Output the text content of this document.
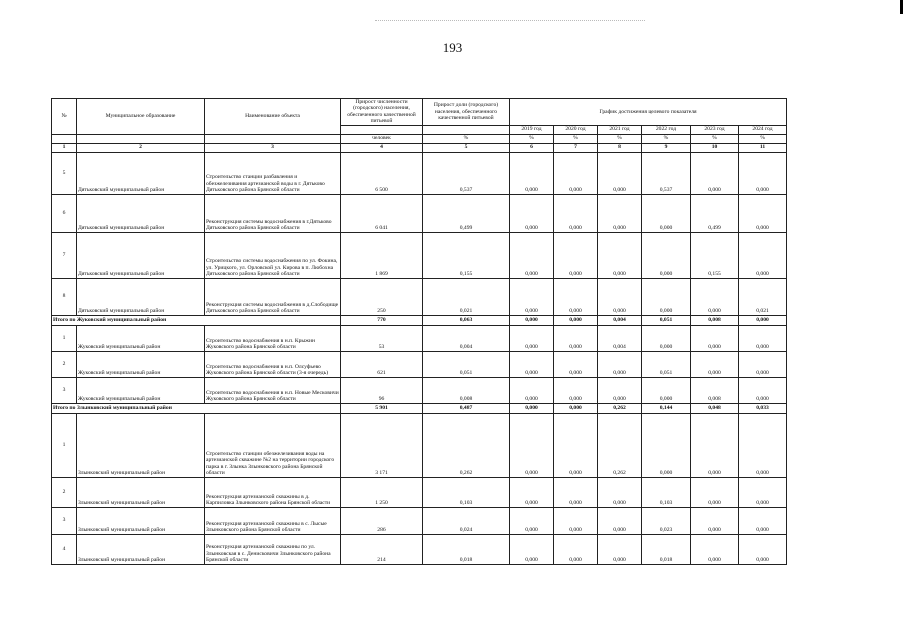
193
№	Муниципальное образование	Наименование объекта	Прирост численности (городского) населения, обеспеченного качественной питьевой	Прирост доли (городского) населения, обеспеченного качественной питьевой	График достижения целевого показателя					
					2019 год	2020 год	2021 год	2022 год	2023 год	2024 год
			человек	%	%	%	%	%	%	%
1	2	3	4	5	6	7	8	9	10	11
5	Дятьковский муниципальный район	Строительство станции разбавления и обезжелезивания артезианской воды в г. Дятьково Дятьковского района Брянской области	6 500	0,537	0,000	0,000	0,000	0,537	0,000	0,000
6	Дятьковский муниципальный район	Реконструкция системы водоснабжения в г.Дятьково Дятьковского района Брянской области	6 041	0,499	0,000	0,000	0,000	0,000	0,499	0,000
7	Дятьковский муниципальный район	Строительство системы водоснабжения по ул. Фокина, ул. Урицкого, ул. Орловской ул. Кирова в п. Любохна Дятьковского района Брянской области	1 869	0,155	0,000	0,000	0,000	0,000	0,155	0,000
8	Дятьковский муниципальный район	Реконструкция системы водоснабжения в д.Слободище Дятьковского района Брянской области	250	0,021	0,000	0,000	0,000	0,000	0,000	0,021
Итого по Жуковский муниципальный район			770	0,063	0,000	0,000	0,004	0,051	0,008	0,000
1	Жуковский муниципальный район	Строительство водоснабжения в н.п. Крыжин Жуковского района Брянской области	53	0,004	0,000	0,000	0,004	0,000	0,000	0,000
2	Жуковский муниципальный район	Строительство водоснабжения в н.п. Олсуфьево Жуковского района Брянской области (3-я очередь)	621	0,051	0,000	0,000	0,000	0,051	0,000	0,000
3	Жуковский муниципальный район	Строительство водоснабжения в н.п. Новые Месковичи Жуковского района Брянской области	96	0,008	0,000	0,000	0,000	0,000	0,008	0,000
Итого по Злынковский муниципальный район			5 901	0,487	0,000	0,000	0,262	0,144	0,048	0,033
1	Злынковский муниципальный район	Строительство станции обезжелезивания воды на артезианской скважине №2 на территории городского парка в г. Злынка Злынковского района Брянской области	3 171	0,262	0,000	0,000	0,262	0,000	0,000	0,000
2	Злынковский муниципальный район	Реконструкция артезианской скважины в д. Карпиловка Злынковского района Брянской области	1 250	0,103	0,000	0,000	0,000	0,103	0,000	0,000
3	Злынковский муниципальный район	Реконструкция артезианской скважины в с. Лысые Злынковского района Брянской области	286	0,024	0,000	0,000	0,000	0,023	0,000	0,000
4	Злынковский муниципальный район	Реконструкция артезианской скважины по ул. Злынковская в с. Денисковичи Злынковского района Брянской области	214	0,018	0,000	0,000	0,000	0,018	0,000	0,000
